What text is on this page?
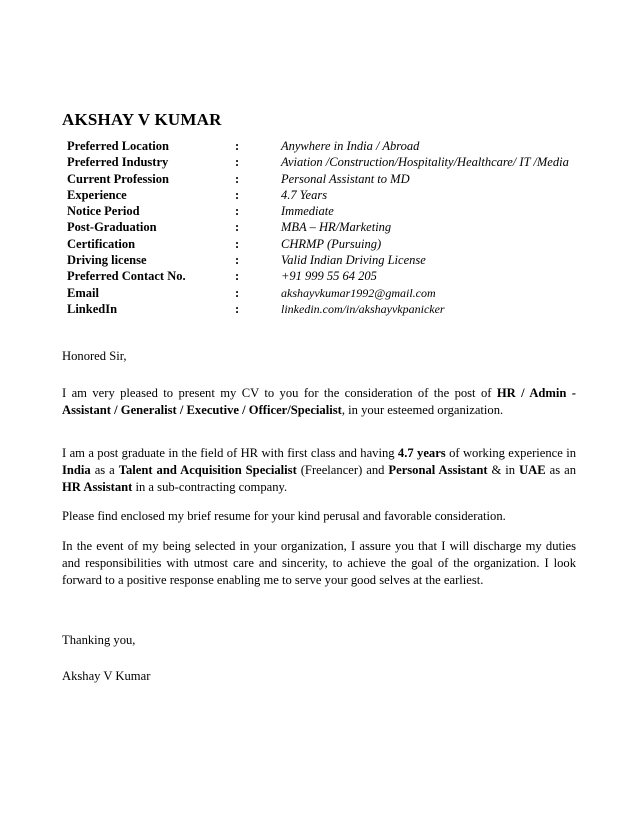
AKSHAY V KUMAR
Preferred Location	:	Anywhere in India / Abroad
Preferred Industry	:	Aviation /Construction/Hospitality/Healthcare/ IT /Media
Current Profession	:	Personal Assistant to MD
Experience	:	4.7 Years
Notice Period	:	Immediate
Post-Graduation	:	MBA – HR/Marketing
Certification	:	CHRMP (Pursuing)
Driving license	:	Valid Indian Driving License
Preferred Contact No.	:	+91 999 55 64 205
Email	:	akshayvkumar1992@gmail.com
LinkedIn	:	linkedin.com/in/akshayvkpanicker
Honored Sir,
I am very pleased to present my CV to you for the consideration of the post of HR / Admin - Assistant / Generalist / Executive / Officer/Specialist, in your esteemed organization.
I am a post graduate in the field of HR with first class and having 4.7 years of working experience in India as a Talent and Acquisition Specialist (Freelancer) and Personal Assistant & in UAE as an HR Assistant in a sub-contracting company.
Please find enclosed my brief resume for your kind perusal and favorable consideration.
In the event of my being selected in your organization, I assure you that I will discharge my duties and responsibilities with utmost care and sincerity, to achieve the goal of the organization. I look forward to a positive response enabling me to serve your good selves at the earliest.
Thanking you,
Akshay V Kumar
